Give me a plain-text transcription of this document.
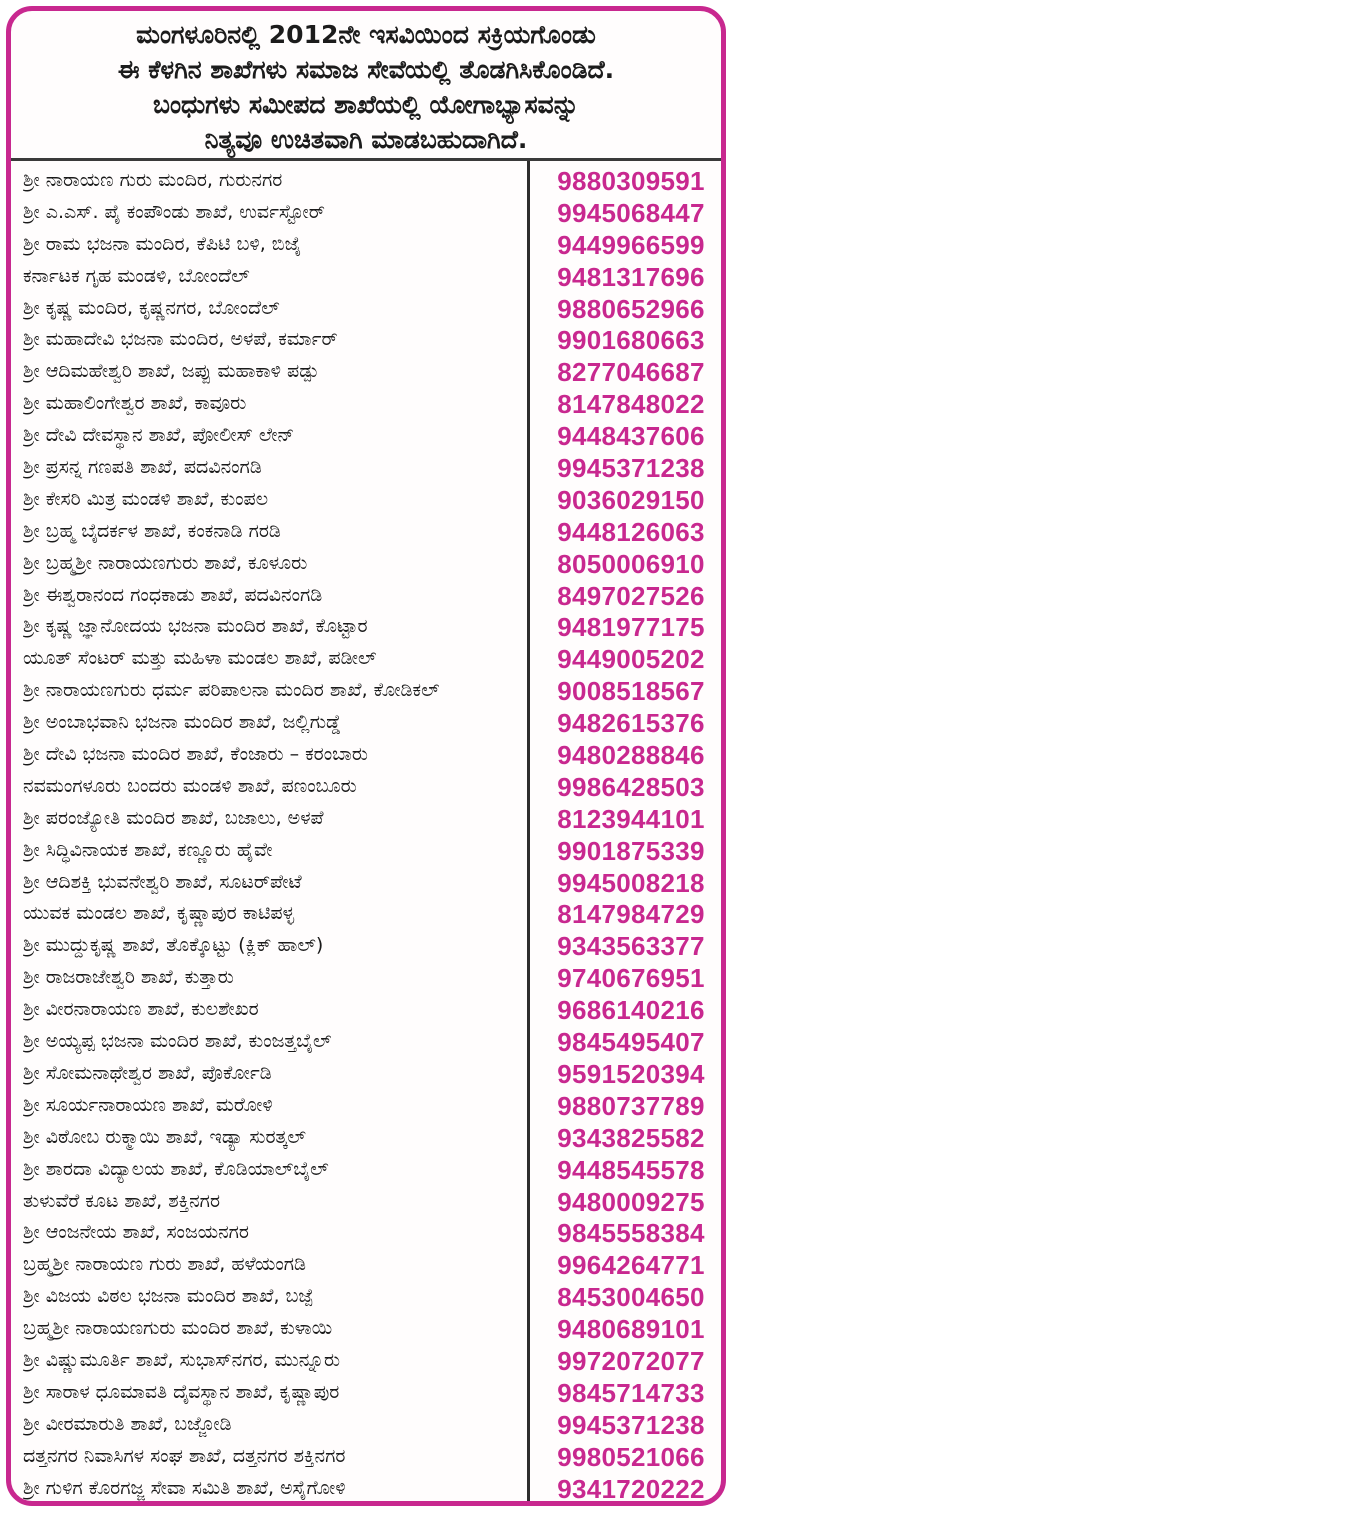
ಮಂಗಳೂರಿನಲ್ಲಿ 2012ನೇ ಇಸವಿಯಿಂದ ಸಕ್ರಿಯಗೊಂಡು
ಈ ಕೆಳಗಿನ ಶಾಖೆಗಳು ಸಮಾಜ ಸೇವೆಯಲ್ಲಿ ತೊಡಗಿಸಿಕೊಂಡಿದೆ.
ಬಂಧುಗಳು ಸಮೀಪದ ಶಾಖೆಯಲ್ಲಿ ಯೋಗಾಭ್ಯಾಸವನ್ನು
ನಿತ್ಯವೂ ಉಚಿತವಾಗಿ ಮಾಡಬಹುದಾಗಿದೆ.
ಶ್ರೀ ನಾರಾಯಣ ಗುರು ಮಂದಿರ, ಗುರುನಗರ	9880309591
ಶ್ರೀ ಎ.ಎಸ್. ಪೈ ಕಂಪೌಂಡು ಶಾಖೆ, ಉರ್ವಸ್ಟೋರ್	9945068447
ಶ್ರೀ ರಾಮ ಭಜನಾ ಮಂದಿರ, ಕೆಪಿಟಿ ಬಳಿ, ಬಿಜೈ	9449966599
ಕರ್ನಾಟಕ ಗೃಹ ಮಂಡಳಿ, ಬೋಂದೆಲ್	9481317696
ಶ್ರೀ ಕೃಷ್ಣ ಮಂದಿರ, ಕೃಷ್ಣನಗರ, ಬೋಂದೆಲ್	9880652966
ಶ್ರೀ ಮಹಾದೇವಿ ಭಜನಾ ಮಂದಿರ, ಅಳಪೆ, ಕರ್ಮಾರ್	9901680663
ಶ್ರೀ ಆದಿಮಹೇಶ್ವರಿ ಶಾಖೆ, ಜಪ್ಪು ಮಹಾಕಾಳಿ ಪಡ್ಪು	8277046687
ಶ್ರೀ ಮಹಾಲಿಂಗೇಶ್ವರ ಶಾಖೆ, ಕಾವೂರು	8147848022
ಶ್ರೀ ದೇವಿ ದೇವಸ್ಥಾನ ಶಾಖೆ, ಪೋಲೀಸ್ ಲೇನ್	9448437606
ಶ್ರೀ ಪ್ರಸನ್ನ ಗಣಪತಿ ಶಾಖೆ, ಪದವಿನಂಗಡಿ	9945371238
ಶ್ರೀ ಕೇಸರಿ ಮಿತ್ರ ಮಂಡಳಿ ಶಾಖೆ, ಕುಂಪಲ	9036029150
ಶ್ರೀ ಬ್ರಹ್ಮ ಬೈದರ್ಕಳ ಶಾಖೆ, ಕಂಕನಾಡಿ ಗರಡಿ	9448126063
ಶ್ರೀ ಬ್ರಹ್ಮಶ್ರೀ ನಾರಾಯಣಗುರು ಶಾಖೆ, ಕೂಳೂರು	8050006910
ಶ್ರೀ ಈಶ್ವರಾನಂದ ಗಂಧಕಾಡು ಶಾಖೆ, ಪದವಿನಂಗಡಿ	8497027526
ಶ್ರೀ ಕೃಷ್ಣ ಜ್ಞಾನೋದಯ ಭಜನಾ ಮಂದಿರ ಶಾಖೆ, ಕೊಟ್ಟಾರ	9481977175
ಯೂತ್ ಸೆಂಟರ್ ಮತ್ತು ಮಹಿಳಾ ಮಂಡಲ ಶಾಖೆ, ಪಡೀಲ್	9449005202
ಶ್ರೀ ನಾರಾಯಣಗುರು ಧರ್ಮ ಪರಿಪಾಲನಾ ಮಂದಿರ ಶಾಖೆ, ಕೋಡಿಕಲ್	9008518567
ಶ್ರೀ ಅಂಬಾಭವಾನಿ ಭಜನಾ ಮಂದಿರ ಶಾಖೆ, ಜಲ್ಲಿಗುಡ್ಡೆ	9482615376
ಶ್ರೀ ದೇವಿ ಭಜನಾ ಮಂದಿರ ಶಾಖೆ, ಕೆಂಜಾರು – ಕರಂಬಾರು	9480288846
ನವಮಂಗಳೂರು ಬಂದರು ಮಂಡಳಿ ಶಾಖೆ, ಪಣಂಬೂರು	9986428503
ಶ್ರೀ ಪರಂಜ್ಯೋತಿ ಮಂದಿರ ಶಾಖೆ, ಬಜಾಲು, ಅಳಪೆ	8123944101
ಶ್ರೀ ಸಿದ್ಧಿವಿನಾಯಕ ಶಾಖೆ, ಕಣ್ಣೂರು ಹೈವೇ	9901875339
ಶ್ರೀ ಆದಿಶಕ್ತಿ ಭುವನೇಶ್ವರಿ ಶಾಖೆ, ಸೂಟರ್‌ಪೇಟೆ	9945008218
ಯುವಕ ಮಂಡಲ ಶಾಖೆ, ಕೃಷ್ಣಾಪುರ ಕಾಟಿಪಳ್ಳ	8147984729
ಶ್ರೀ ಮುದ್ದುಕೃಷ್ಣ ಶಾಖೆ, ತೊಕ್ಕೊಟ್ಟು (ಕ್ಲಿಕ್ ಹಾಲ್)	9343563377
ಶ್ರೀ ರಾಜರಾಜೇಶ್ವರಿ ಶಾಖೆ, ಕುತ್ತಾರು	9740676951
ಶ್ರೀ ವೀರನಾರಾಯಣ ಶಾಖೆ, ಕುಲಶೇಖರ	9686140216
ಶ್ರೀ ಅಯ್ಯಪ್ಪ ಭಜನಾ ಮಂದಿರ ಶಾಖೆ, ಕುಂಜತ್ತಬೈಲ್	9845495407
ಶ್ರೀ ಸೋಮನಾಥೇಶ್ವರ ಶಾಖೆ, ಪೊರ್ಕೋಡಿ	9591520394
ಶ್ರೀ ಸೂರ್ಯನಾರಾಯಣ ಶಾಖೆ, ಮರೋಳಿ	9880737789
ಶ್ರೀ ವಿಠೋಬ ರುಕ್ಮಾಯಿ ಶಾಖೆ, ಇಡ್ಯಾ ಸುರತ್ಕಲ್	9343825582
ಶ್ರೀ ಶಾರದಾ ವಿದ್ಯಾಲಯ ಶಾಖೆ, ಕೊಡಿಯಾಲ್‌ಬೈಲ್	9448545578
ತುಳುವೆರೆ ಕೂಟ ಶಾಖೆ, ಶಕ್ತಿನಗರ	9480009275
ಶ್ರೀ ಆಂಜನೇಯ ಶಾಖೆ, ಸಂಜಯನಗರ	9845558384
ಬ್ರಹ್ಮಶ್ರೀ ನಾರಾಯಣ ಗುರು ಶಾಖೆ, ಹಳೆಯಂಗಡಿ	9964264771
ಶ್ರೀ ವಿಜಯ ವಿಠಲ ಭಜನಾ ಮಂದಿರ ಶಾಖೆ, ಬಜ್ಪೆ	8453004650
ಬ್ರಹ್ಮಶ್ರೀ ನಾರಾಯಣಗುರು ಮಂದಿರ ಶಾಖೆ, ಕುಳಾಯಿ	9480689101
ಶ್ರೀ ವಿಷ್ಣುಮೂರ್ತಿ ಶಾಖೆ, ಸುಭಾಸ್‌ನಗರ, ಮುನ್ನೂರು	9972072077
ಶ್ರೀ ಸಾರಾಳ ಧೂಮಾವತಿ ದೈವಸ್ಥಾನ ಶಾಖೆ, ಕೃಷ್ಣಾಪುರ	9845714733
ಶ್ರೀ ವೀರಮಾರುತಿ ಶಾಖೆ, ಬಜ್ಜೋಡಿ	9945371238
ದತ್ತನಗರ ನಿವಾಸಿಗಳ ಸಂಘ ಶಾಖೆ, ದತ್ತನಗರ ಶಕ್ತಿನಗರ	9980521066
ಶ್ರೀ ಗುಳಿಗ ಕೊರಗಜ್ಜ ಸೇವಾ ಸಮಿತಿ ಶಾಖೆ, ಅಸೈಗೋಳಿ	9341720222
